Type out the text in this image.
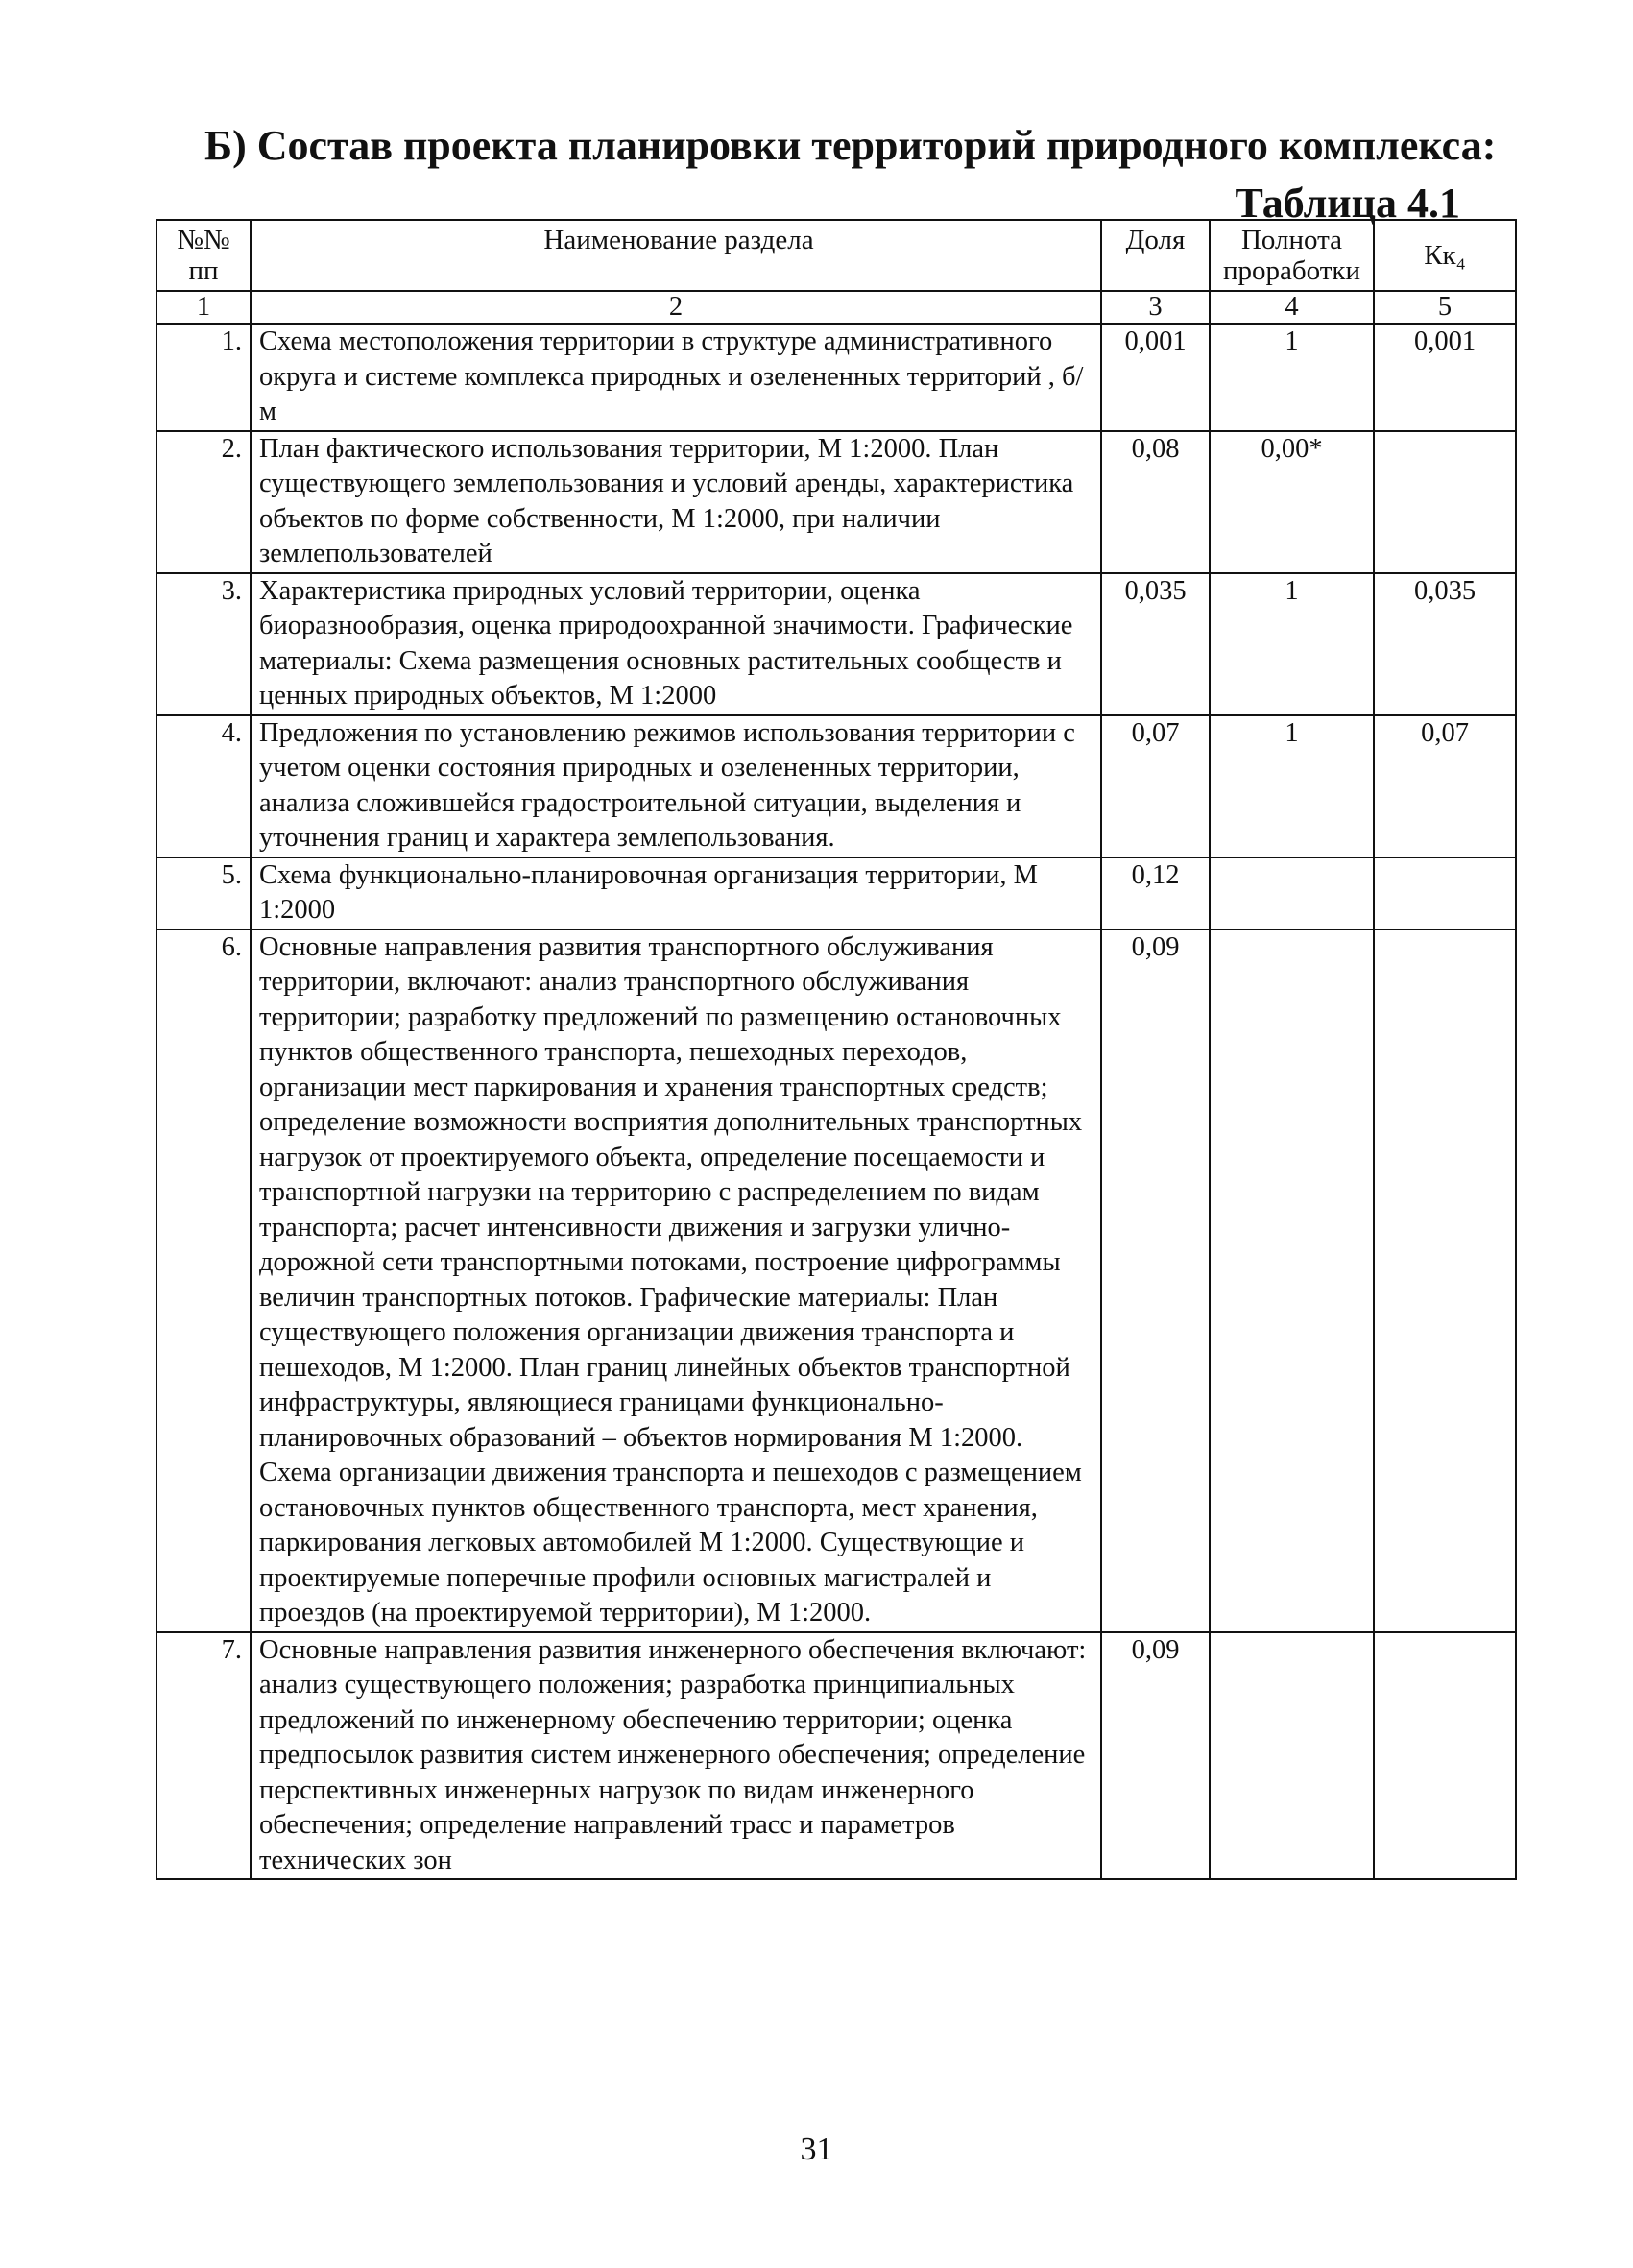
Б) Состав проекта планировки территорий природного комплекса:
Таблица 4.1
№№ пп	Наименование раздела	Доля	Полнота проработки	Кк₄
1	2	3	4	5
1.	Схема местоположения территории в структуре административного округа и системе комплекса природных и озелененных территорий , б/м	0,001	1	0,001
2.	План фактического использования территории, М 1:2000. План существующего землепользования и условий аренды, характеристика объектов по форме собственности, М 1:2000, при наличии землепользователей	0,08	0,00*	
3.	Характеристика природных условий территории, оценка биоразнообразия, оценка природоохранной значимости. Графические материалы: Схема размещения основных растительных сообществ и ценных природных объектов, М 1:2000	0,035	1	0,035
4.	Предложения по установлению режимов использования территории с учетом оценки состояния природных и озелененных территории, анализа сложившейся градостроительной ситуации, выделения и уточнения границ и характера землепользования.	0,07	1	0,07
5.	Схема функционально-планировочная организация территории, М 1:2000	0,12		
6.	Основные направления развития транспортного обслуживания территории, включают: анализ транспортного обслуживания территории; разработку предложений по размещению остановочных пунктов общественного транспорта, пешеходных переходов, организации мест паркирования и хранения транспортных средств; определение возможности восприятия дополнительных транспортных нагрузок от проектируемого объекта, определение посещаемости и транспортной нагрузки на территорию с распределением по видам транспорта; расчет интенсивности движения и загрузки улично-дорожной сети транспортными потоками, построение цифрограммы величин транспортных потоков. Графические материалы: План существующего положения организации движения транспорта и пешеходов, М 1:2000. План границ линейных объектов транспортной инфраструктуры, являющиеся границами функционально-планировочных образований – объектов нормирования М 1:2000. Схема организации движения транспорта и пешеходов с размещением остановочных пунктов общественного транспорта, мест хранения, паркирования легковых автомобилей М 1:2000. Существующие и проектируемые поперечные профили основных магистралей и проездов (на проектируемой территории), М 1:2000.	0,09		
7.	Основные направления развития инженерного обеспечения включают: анализ существующего положения; разработка принципиальных предложений по инженерному обеспечению территории; оценка предпосылок развития систем инженерного обеспечения; определение перспективных инженерных нагрузок по видам инженерного обеспечения; определение направлений трасс и параметров технических зон	0,09		
31
